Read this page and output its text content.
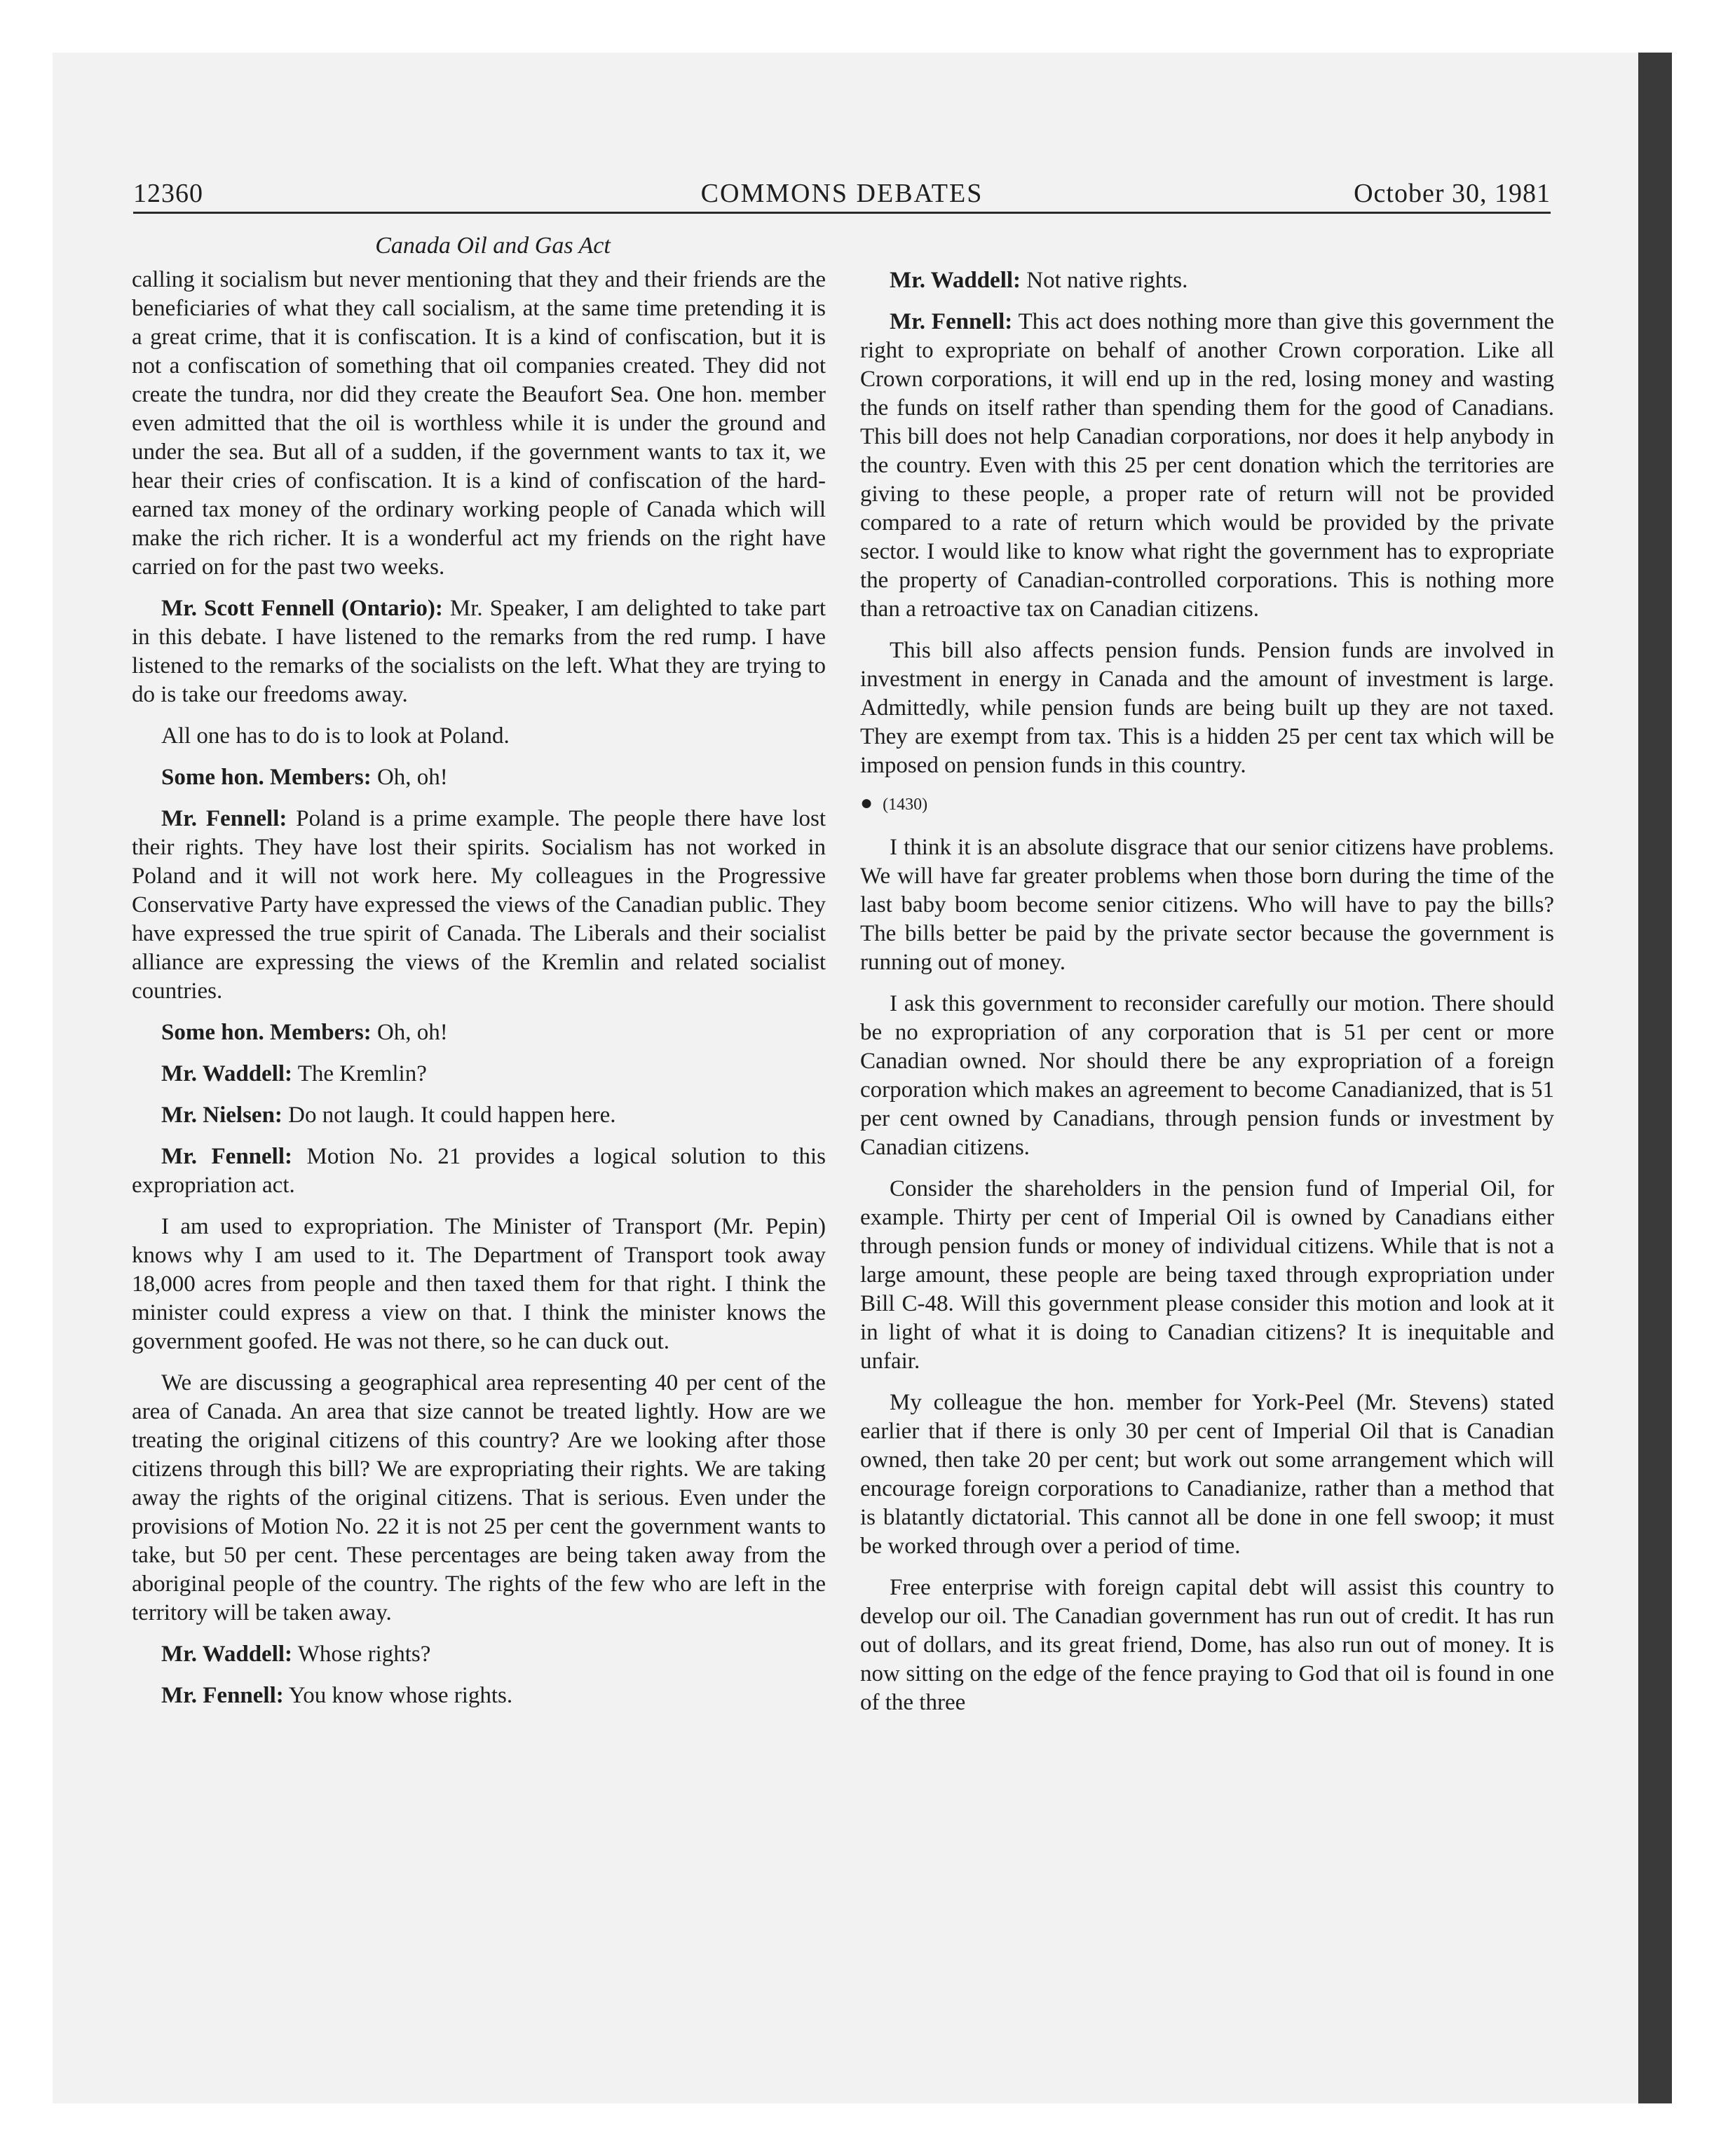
12360	COMMONS DEBATES	October 30, 1981
Canada Oil and Gas Act

calling it socialism but never mentioning that they and their friends are the beneficiaries of what they call socialism, at the same time pretending it is a great crime, that it is confiscation. It is a kind of confiscation, but it is not a confiscation of something that oil companies created. They did not create the tundra, nor did they create the Beaufort Sea. One hon. member even admitted that the oil is worthless while it is under the ground and under the sea. But all of a sudden, if the government wants to tax it, we hear their cries of confiscation. It is a kind of confiscation of the hard-earned tax money of the ordinary working people of Canada which will make the rich richer. It is a wonderful act my friends on the right have carried on for the past two weeks.

Mr. Scott Fennell (Ontario): Mr. Speaker, I am delighted to take part in this debate. I have listened to the remarks from the red rump. I have listened to the remarks of the socialists on the left. What they are trying to do is take our freedoms away.

All one has to do is to look at Poland.

Some hon. Members: Oh, oh!

Mr. Fennell: Poland is a prime example. The people there have lost their rights. They have lost their spirits. Socialism has not worked in Poland and it will not work here. My colleagues in the Progressive Conservative Party have expressed the views of the Canadian public. They have expressed the true spirit of Canada. The Liberals and their socialist alliance are expressing the views of the Kremlin and related socialist countries.

Some hon. Members: Oh, oh!

Mr. Waddell: The Kremlin?

Mr. Nielsen: Do not laugh. It could happen here.

Mr. Fennell: Motion No. 21 provides a logical solution to this expropriation act.

I am used to expropriation. The Minister of Transport (Mr. Pepin) knows why I am used to it. The Department of Transport took away 18,000 acres from people and then taxed them for that right. I think the minister could express a view on that. I think the minister knows the government goofed. He was not there, so he can duck out.

We are discussing a geographical area representing 40 per cent of the area of Canada. An area that size cannot be treated lightly. How are we treating the original citizens of this country? Are we looking after those citizens through this bill? We are expropriating their rights. We are taking away the rights of the original citizens. That is serious. Even under the provisions of Motion No. 22 it is not 25 per cent the government wants to take, but 50 per cent. These percentages are being taken away from the aboriginal people of the country. The rights of the few who are left in the territory will be taken away.

Mr. Waddell: Whose rights?

Mr. Fennell: You know whose rights.

Mr. Waddell: Not native rights.

Mr. Fennell: This act does nothing more than give this government the right to expropriate on behalf of another Crown corporation. Like all Crown corporations, it will end up in the red, losing money and wasting the funds on itself rather than spending them for the good of Canadians. This bill does not help Canadian corporations, nor does it help anybody in the country. Even with this 25 per cent donation which the territories are giving to these people, a proper rate of return will not be provided compared to a rate of return which would be provided by the private sector. I would like to know what right the government has to expropriate the property of Canadian-controlled corporations. This is nothing more than a retroactive tax on Canadian citizens.

This bill also affects pension funds. Pension funds are involved in investment in energy in Canada and the amount of investment is large. Admittedly, while pension funds are being built up they are not taxed. They are exempt from tax. This is a hidden 25 per cent tax which will be imposed on pension funds in this country.

● (1430)

I think it is an absolute disgrace that our senior citizens have problems. We will have far greater problems when those born during the time of the last baby boom become senior citizens. Who will have to pay the bills? The bills better be paid by the private sector because the government is running out of money.

I ask this government to reconsider carefully our motion. There should be no expropriation of any corporation that is 51 per cent or more Canadian owned. Nor should there be any expropriation of a foreign corporation which makes an agreement to become Canadianized, that is 51 per cent owned by Canadians, through pension funds or investment by Canadian citizens.

Consider the shareholders in the pension fund of Imperial Oil, for example. Thirty per cent of Imperial Oil is owned by Canadians either through pension funds or money of individual citizens. While that is not a large amount, these people are being taxed through expropriation under Bill C-48. Will this government please consider this motion and look at it in light of what it is doing to Canadian citizens? It is inequitable and unfair.

My colleague the hon. member for York-Peel (Mr. Stevens) stated earlier that if there is only 30 per cent of Imperial Oil that is Canadian owned, then take 20 per cent; but work out some arrangement which will encourage foreign corporations to Canadianize, rather than a method that is blatantly dictatorial. This cannot all be done in one fell swoop; it must be worked through over a period of time.

Free enterprise with foreign capital debt will assist this country to develop our oil. The Canadian government has run out of credit. It has run out of dollars, and its great friend, Dome, has also run out of money. It is now sitting on the edge of the fence praying to God that oil is found in one of the three
